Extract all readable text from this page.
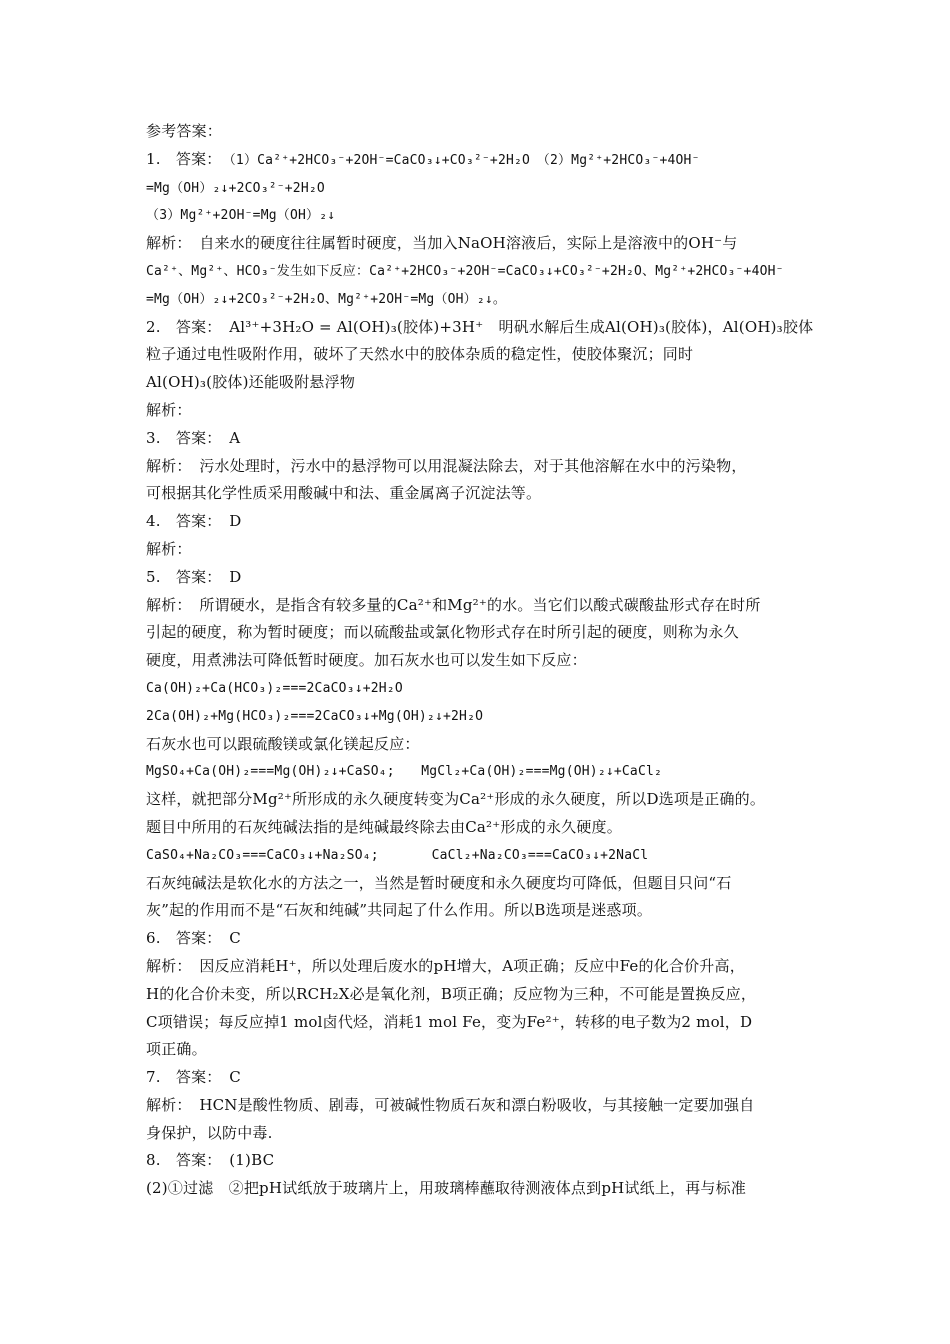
参考答案：
1.　答案：　 （1）Ca²⁺+2HCO₃⁻+2OH⁻=CaCO₃↓+CO₃²⁻+2H₂O　（2）Mg²⁺+2HCO₃⁻+4OH⁻
=Mg（OH）₂↓+2CO₃²⁻+2H₂O
（3）Mg²⁺+2OH⁻=Mg（OH）₂↓
解析：　 自来水的硬度往往属暂时硬度，当加入NaOH溶液后，实际上是溶液中的OH⁻与
Ca²⁺、Mg²⁺、HCO₃⁻发生如下反应：Ca²⁺+2HCO₃⁻+2OH⁻=CaCO₃↓+CO₃²⁻+2H₂O、Mg²⁺+2HCO₃⁻+4OH⁻
=Mg（OH）₂↓+2CO₃²⁻+2H₂O、Mg²⁺+2OH⁻=Mg（OH）₂↓。
2.　答案：　 Al³⁺+3H₂O = Al(OH)₃(胶体)+3H⁺　明矾水解后生成Al(OH)₃(胶体)，Al(OH)₃胶体
粒子通过电性吸附作用，破坏了天然水中的胶体杂质的稳定性，使胶体聚沉；同时
Al(OH)₃(胶体)还能吸附悬浮物
解析：
3.　答案：　 A
解析：　 污水处理时，污水中的悬浮物可以用混凝法除去，对于其他溶解在水中的污染物，
可根据其化学性质采用酸碱中和法、重金属离子沉淀法等。
4.　答案：　 D
解析：
5.　答案：　 D
解析：　 所谓硬水，是指含有较多量的Ca²⁺和Mg²⁺的水。当它们以酸式碳酸盐形式存在时所
引起的硬度，称为暂时硬度；而以硫酸盐或氯化物形式存在时所引起的硬度，则称为永久
硬度，用煮沸法可降低暂时硬度。加石灰水也可以发生如下反应：
Ca(OH)₂+Ca(HCO₃)₂===2CaCO₃↓+2H₂O
2Ca(OH)₂+Mg(HCO₃)₂===2CaCO₃↓+Mg(OH)₂↓+2H₂O
石灰水也可以跟硫酸镁或氯化镁起反应：
MgSO₄+Ca(OH)₂===Mg(OH)₂↓+CaSO₄;　　MgCl₂+Ca(OH)₂===Mg(OH)₂↓+CaCl₂
这样，就把部分Mg²⁺所形成的永久硬度转变为Ca²⁺形成的永久硬度，所以D选项是正确的。
题目中所用的石灰纯碱法指的是纯碱最终除去由Ca²⁺形成的永久硬度。
CaSO₄+Na₂CO₃===CaCO₃↓+Na₂SO₄;　　　　CaCl₂+Na₂CO₃===CaCO₃↓+2NaCl
石灰纯碱法是软化水的方法之一，当然是暂时硬度和永久硬度均可降低，但题目只问“石
灰”起的作用而不是“石灰和纯碱”共同起了什么作用。所以B选项是迷惑项。
6.　答案：　 C
解析：　 因反应消耗H⁺，所以处理后废水的pH增大，A项正确；反应中Fe的化合价升高，
H的化合价未变，所以RCH₂X必是氧化剂，B项正确；反应物为三种，不可能是置换反应，
C项错误；每反应掉1 mol卤代烃，消耗1 mol Fe，变为Fe²⁺，转移的电子数为2 mol，D
项正确。
7.　答案：　 C
解析：　 HCN是酸性物质、剧毒，可被碱性物质石灰和漂白粉吸收，与其接触一定要加强自
身保护，以防中毒.
8.　答案：　 (1)BC
(2)①过滤　②把pH试纸放于玻璃片上，用玻璃棒蘸取待测液体点到pH试纸上，再与标准
